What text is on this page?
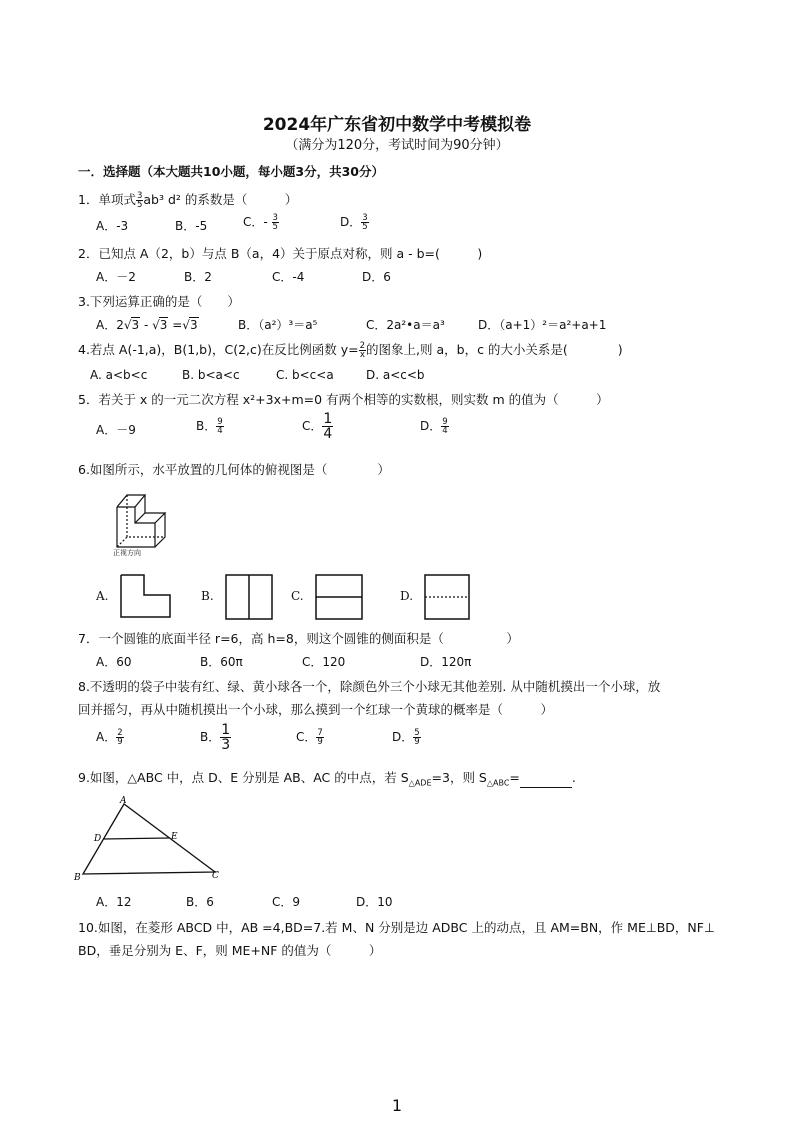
2024年广东省初中数学中考模拟卷
（满分为120分，考试时间为90分钟）
一．选择题（本大题共10小题，每小题3分，共30分）
1．单项式 $\frac{3}{5} ab^3$ d² 的系数是（　　　）
A．-3	B．-5	C．- $\frac{3}{5}$	D． $\frac{3}{5}$
2．已知点 A（2，b）与点 B（a，4）关于原点对称，则 a - b=(　　　)
A．－2	B．2	C．-4	D．6
3.下列运算正确的是（　　）
A．2√3 - √3 =√3	B．（a²）³＝a⁵	C．2a²•a＝a³	D．（a+1）²＝a²+a+1
4.若点 A(-1,a)，B(1,b)，C(2,c)在反比例函数 $y= \frac{2}{x}$ 的图象上,则 a，b，c 的大小关系是(　　　　)
A. a<b<c	B. b<a<c	C. b<c<a	D. a<c<b
5．若关于 x 的一元二次方程 x²+3x+m=0 有两个相等的实数根，则实数 m 的值为（　　　）
A．－9	B． $\frac{9}{4}$	C． $\frac{1}{4}$	D． $\frac{9}{4}$
6.如图所示，水平放置的几何体的俯视图是（　　　　）
正视方向
A.	B.	C.	D.
7．一个圆锥的底面半径 r=6，高 h=8，则这个圆锥的侧面积是（　　　　　）
A．60	B．60π	C．120	D．120π
8.不透明的袋子中装有红、绿、黄小球各一个，除颜色外三个小球无其他差别. 从中随机摸出一个小球，放
回并摇匀，再从中随机摸出一个小球，那么摸到一个红球一个黄球的概率是（　　　）
A． $\frac{2}{9}$	B． $\frac{1}{3}$	C． $\frac{7}{9}$	D． $\frac{5}{9}$
9.如图，△ABC 中，点 D、E 分别是 AB、AC 的中点，若 $S_{\triangle ADE}=3$，则 $S_{\triangle ABC}=$	.
A
D	E
B	C
A．12	B．6	C．9	D．10
10.如图，在菱形 ABCD 中，AB =4,BD=7.若 M、N 分别是边 ADBC 上的动点，且 AM=BN，作 ME⊥BD，NF⊥
BD，垂足分别为 E、F，则 ME+NF 的值为（　　　）
1
